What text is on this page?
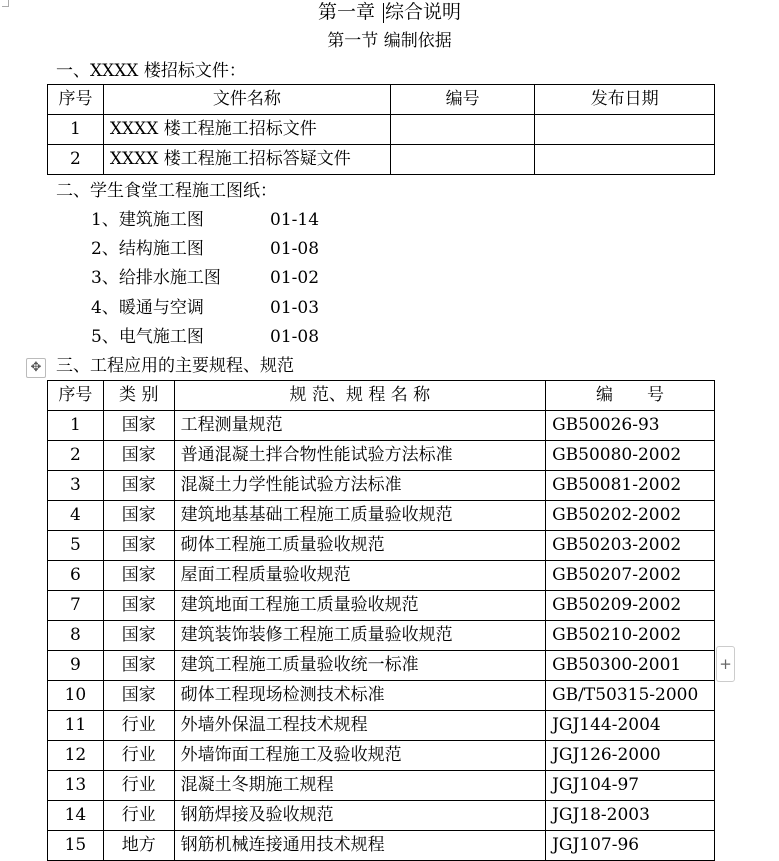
第一章 综合说明
第一节 编制依据
一、XXXX 楼招标文件：
序号	文件名称	编号	发布日期
1	XXXX 楼工程施工招标文件		
2	XXXX 楼工程施工招标答疑文件		
二、学生食堂工程施工图纸：
1、建筑施工图	01-14
2、结构施工图	01-08
3、给排水施工图	01-02
4、暖通与空调	01-03
5、电气施工图	01-08
✥ 三、工程应用的主要规程、规范
序号	类 别	规 范、规 程 名 称	编　　号
1	国家	工程测量规范	GB50026-93
2	国家	普通混凝土拌合物性能试验方法标准	GB50080-2002
3	国家	混凝土力学性能试验方法标准	GB50081-2002
4	国家	建筑地基基础工程施工质量验收规范	GB50202-2002
5	国家	砌体工程施工质量验收规范	GB50203-2002
6	国家	屋面工程质量验收规范	GB50207-2002
7	国家	建筑地面工程施工质量验收规范	GB50209-2002
8	国家	建筑装饰装修工程施工质量验收规范	GB50210-2002
9	国家	建筑工程施工质量验收统一标准	GB50300-2001
10	国家	砌体工程现场检测技术标准	GB/T50315-2000
11	行业	外墙外保温工程技术规程	JGJ144-2004
12	行业	外墙饰面工程施工及验收规范	JGJ126-2000
13	行业	混凝土冬期施工规程	JGJ104-97
14	行业	钢筋焊接及验收规范	JGJ18-2003
15	地方	钢筋机械连接通用技术规程	JGJ107-96
+
